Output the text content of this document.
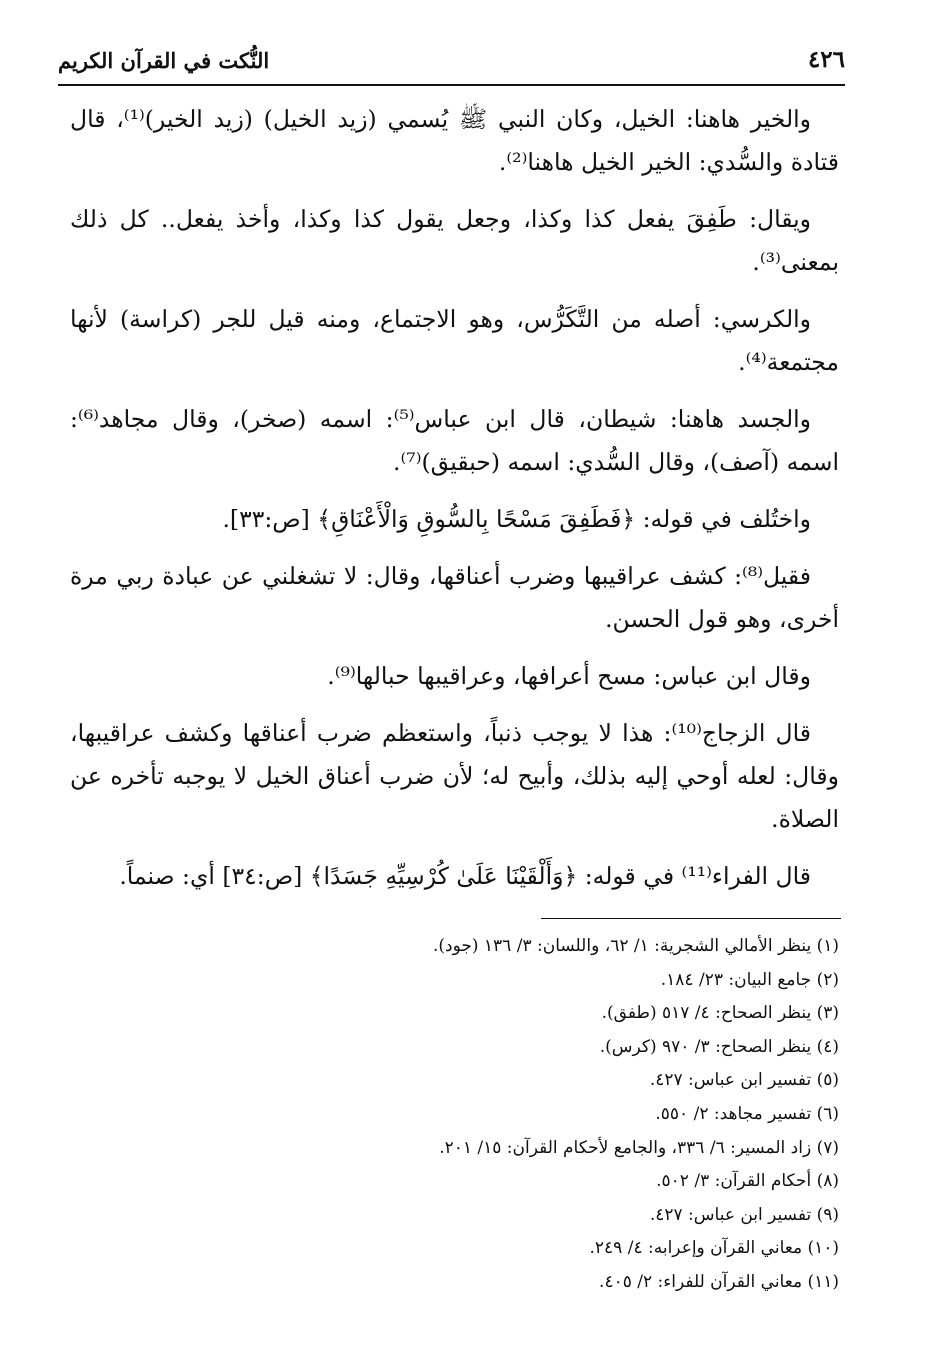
٤٢٦
النُّكت في القرآن الكريم

والخير هاهنا: الخيل، وكان النبي ﷺ يُسمي (زيد الخيل) (زيد الخير)⁽¹⁾، قال قتادة والسُّدي: الخير الخيل هاهنا⁽²⁾.

ويقال: طَفِقَ يفعل كذا وكذا، وجعل يقول كذا وكذا، وأخذ يفعل.. كل ذلك بمعنى⁽³⁾.

والكرسي: أصله من التَّكَرُّس، وهو الاجتماع، ومنه قيل للجر (كراسة) لأنها مجتمعة⁽⁴⁾.

والجسد هاهنا: شيطان، قال ابن عباس⁽⁵⁾: اسمه (صخر)، وقال مجاهد⁽⁶⁾: اسمه (آصف)، وقال السُّدي: اسمه (حبقيق)⁽⁷⁾.

واختُلف في قوله: ﴿فَطَفِقَ مَسْحًا بِالسُّوقِ وَالْأَعْنَاقِ﴾ [ص:٣٣].

فقيل⁽⁸⁾: كشف عراقيبها وضرب أعناقها، وقال: لا تشغلني عن عبادة ربي مرة أخرى، وهو قول الحسن.

وقال ابن عباس: مسح أعرافها، وعراقيبها حبالها⁽⁹⁾.

قال الزجاج⁽¹⁰⁾: هذا لا يوجب ذنباً، واستعظم ضرب أعناقها وكشف عراقيبها، وقال: لعله أوحي إليه بذلك، وأبيح له؛ لأن ضرب أعناق الخيل لا يوجبه تأخره عن الصلاة.

قال الفراء⁽¹¹⁾ في قوله: ﴿وَأَلْقَيْنَا عَلَىٰ كُرْسِيِّهِ جَسَدًا﴾ [ص:٣٤] أي: صنماً.

(١) ينظر الأمالي الشجرية: ١/ ٦٢، واللسان: ٣/ ١٣٦ (جود).
(٢) جامع البيان: ٢٣/ ١٨٤.
(٣) ينظر الصحاح: ٤/ ٥١٧ (طفق).
(٤) ينظر الصحاح: ٣/ ٩٧٠ (كرس).
(٥) تفسير ابن عباس: ٤٢٧.
(٦) تفسير مجاهد: ٢/ ٥٥٠.
(٧) زاد المسير: ٦/ ٣٣٦، والجامع لأحكام القرآن: ١٥/ ٢٠١.
(٨) أحكام القرآن: ٣/ ٥٠٢.
(٩) تفسير ابن عباس: ٤٢٧.
(١٠) معاني القرآن وإعرابه: ٤/ ٢٤٩.
(١١) معاني القرآن للفراء: ٢/ ٤٠٥.
